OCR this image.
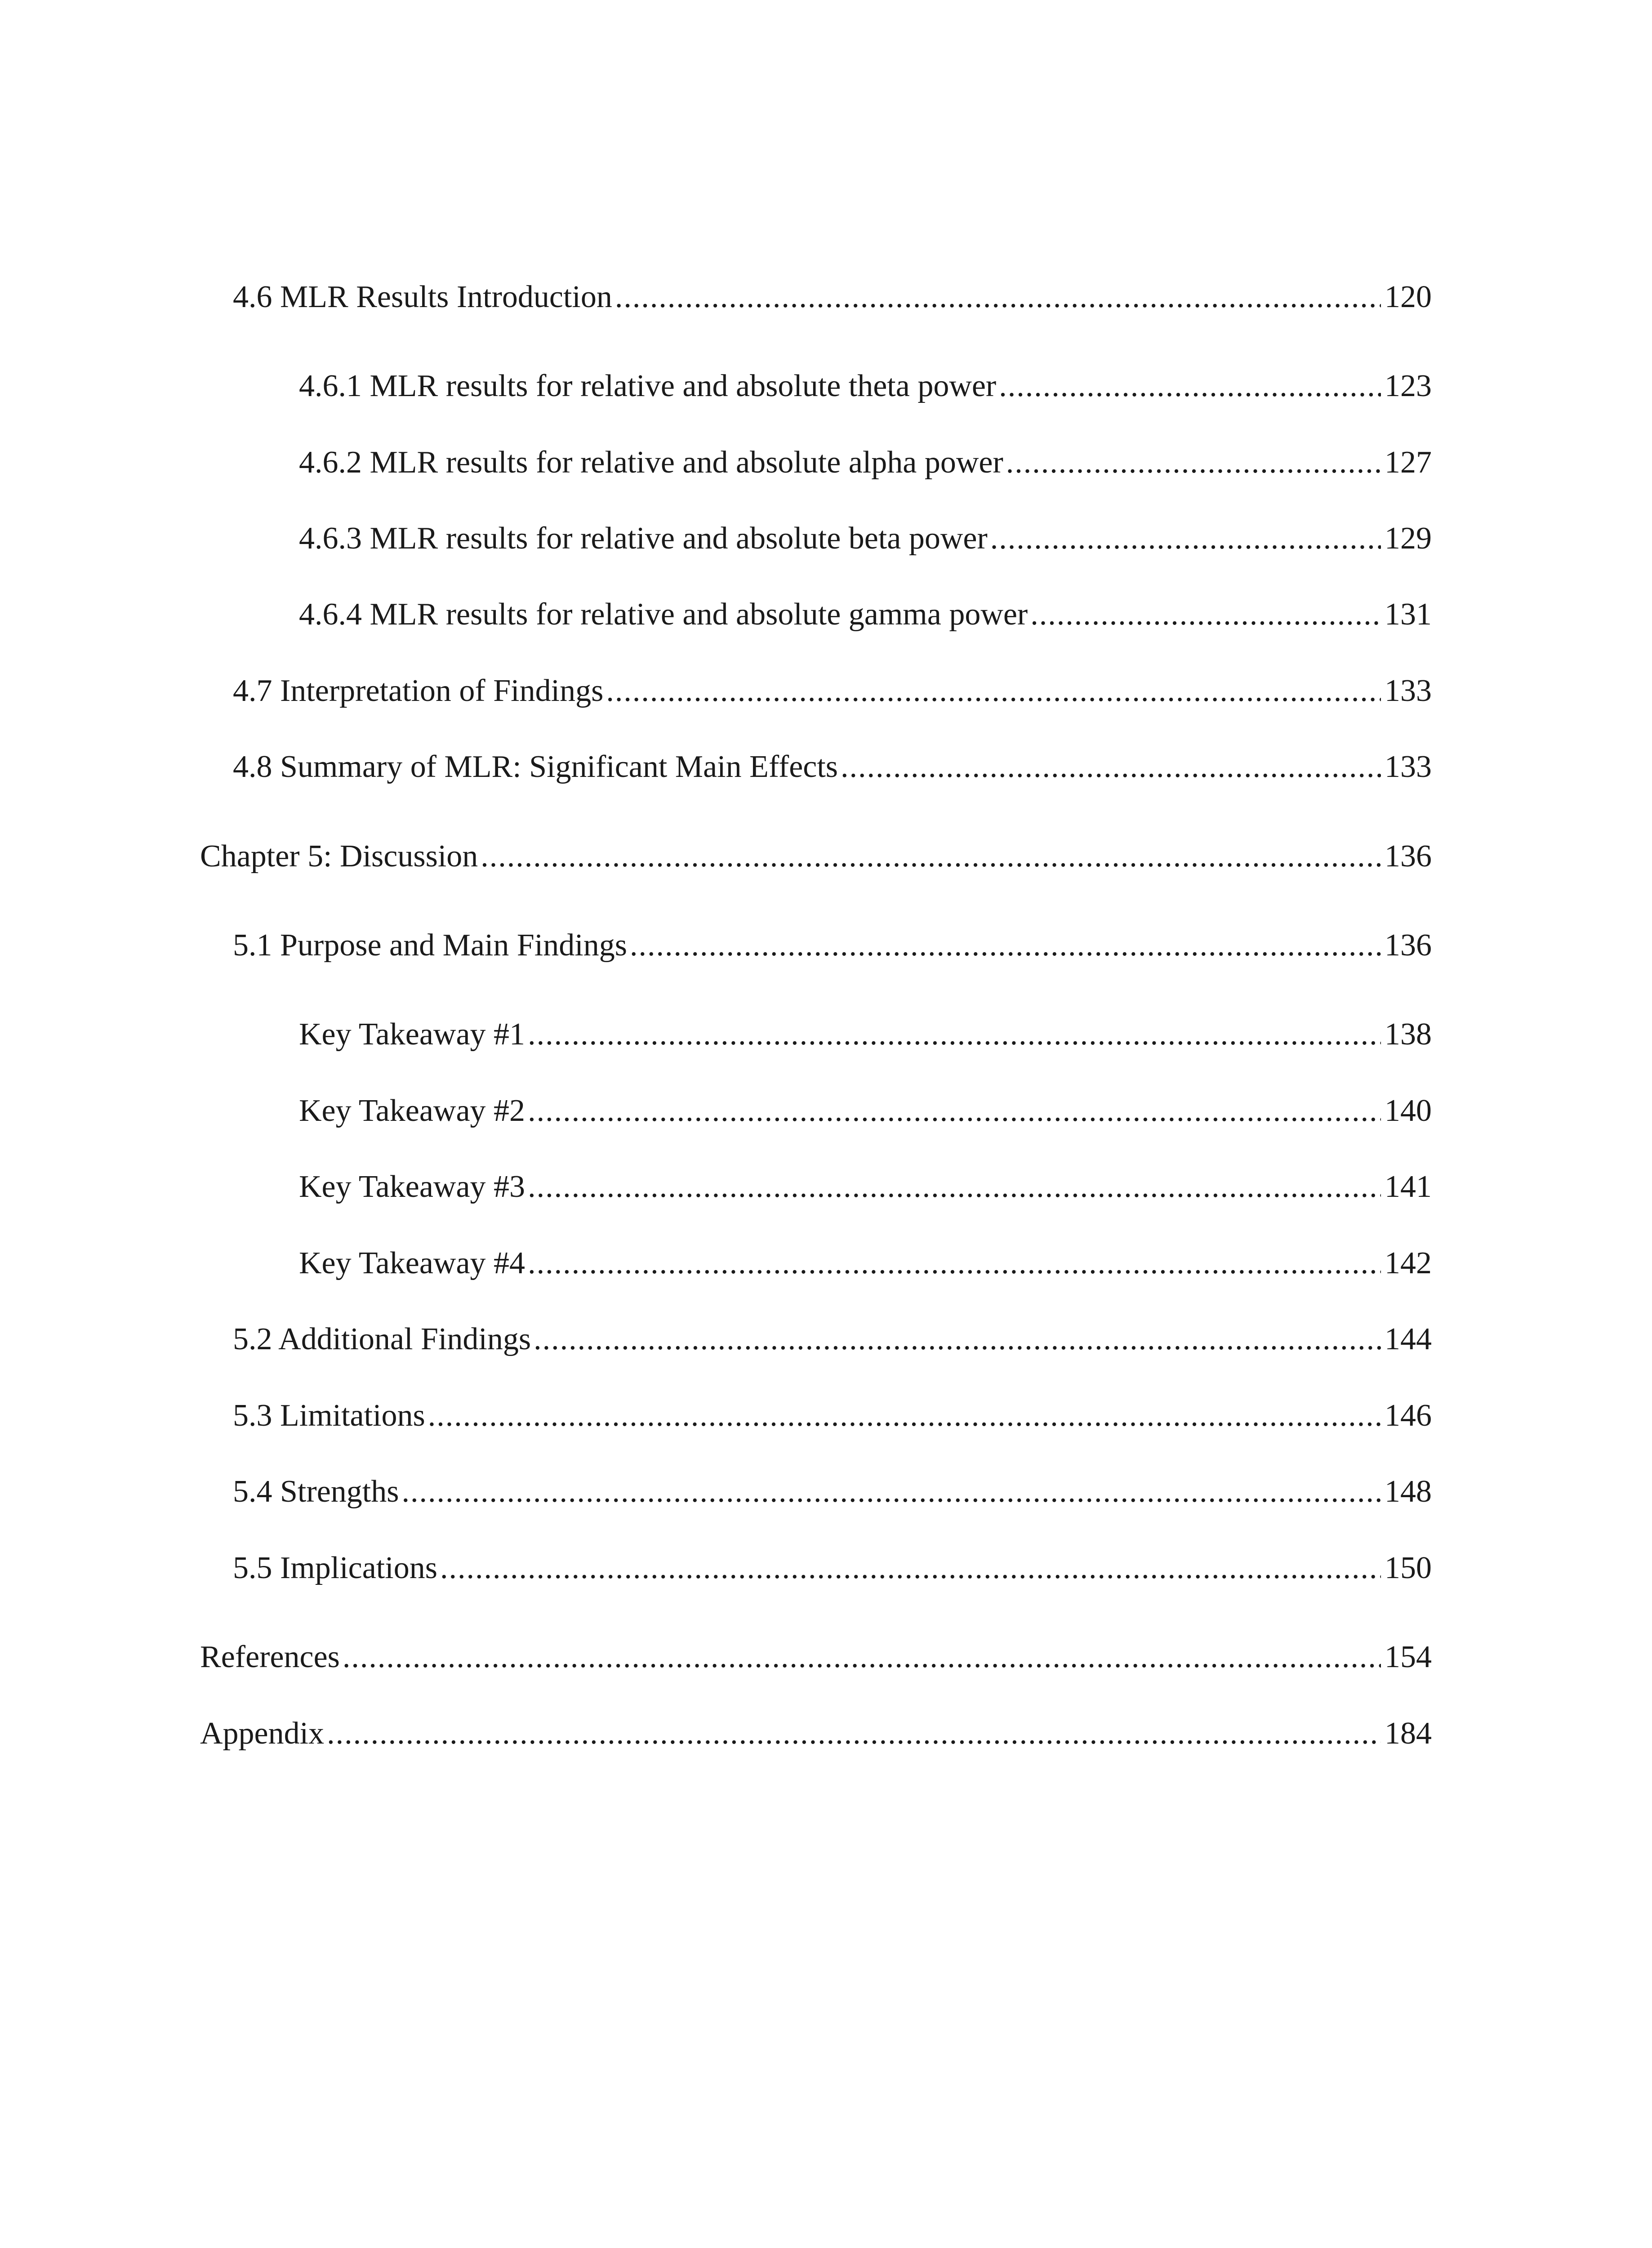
4.6 MLR Results Introduction .....	120
4.6.1 MLR results for relative and absolute theta power .....	123
4.6.2 MLR results for relative and absolute alpha power .....	127
4.6.3 MLR results for relative and absolute beta power .....	129
4.6.4 MLR results for relative and absolute gamma power .....	131
4.7 Interpretation of Findings .....	133
4.8 Summary of MLR: Significant Main Effects .....	133
Chapter 5: Discussion .....	136
5.1 Purpose and Main Findings .....	136
Key Takeaway #1 .....	138
Key Takeaway #2 .....	140
Key Takeaway #3 .....	141
Key Takeaway #4 .....	142
5.2 Additional Findings .....	144
5.3 Limitations .....	146
5.4 Strengths .....	148
5.5 Implications .....	150
References .....	154
Appendix .....	184
